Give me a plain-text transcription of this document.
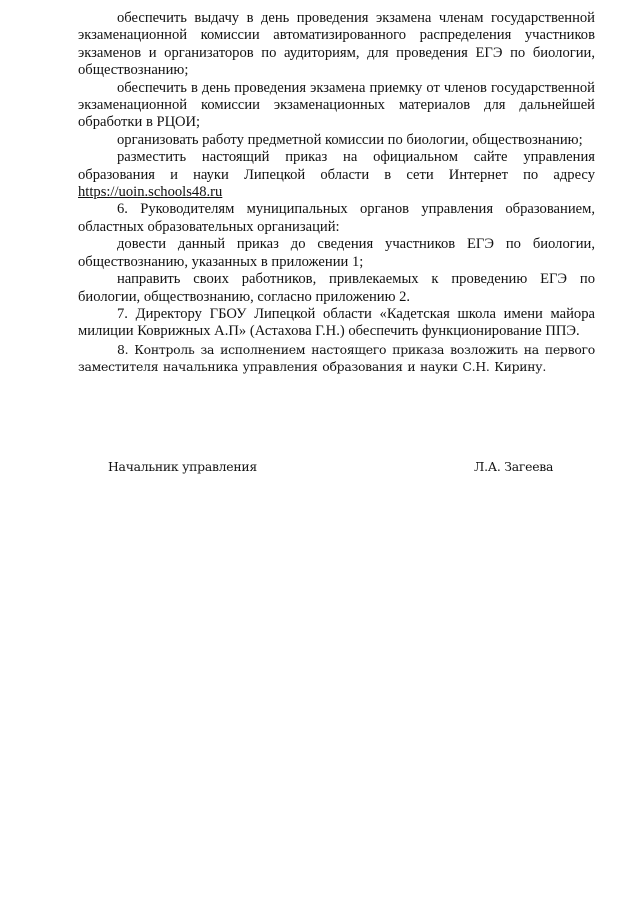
обеспечить выдачу в день проведения экзамена членам государственной экзаменационной комиссии автоматизированного распределения участников экзаменов и организаторов по аудиториям, для проведения ЕГЭ по биологии, обществознанию;

обеспечить в день проведения экзамена приемку от членов государственной экзаменационной комиссии экзаменационных материалов для дальнейшей обработки в РЦОИ;

организовать работу предметной комиссии по биологии, обществознанию;

разместить настоящий приказ на официальном сайте управления образования и науки Липецкой области в сети Интернет по адресу https://uoin.schools48.ru

6. Руководителям муниципальных органов управления образованием, областных образовательных организаций:

довести данный приказ до сведения участников ЕГЭ по биологии, обществознанию, указанных в приложении 1;

направить своих работников, привлекаемых к проведению ЕГЭ по биологии, обществознанию, согласно приложению 2.

7. Директору ГБОУ Липецкой области «Кадетская школа имени майора милиции Коврижных А.П» (Астахова Г.Н.) обеспечить функционирование ППЭ.

8. Контроль за исполнением настоящего приказа возложить на первого заместителя начальника управления образования и науки С.Н. Кирину.

Начальник управления	Л.А. Загеева
